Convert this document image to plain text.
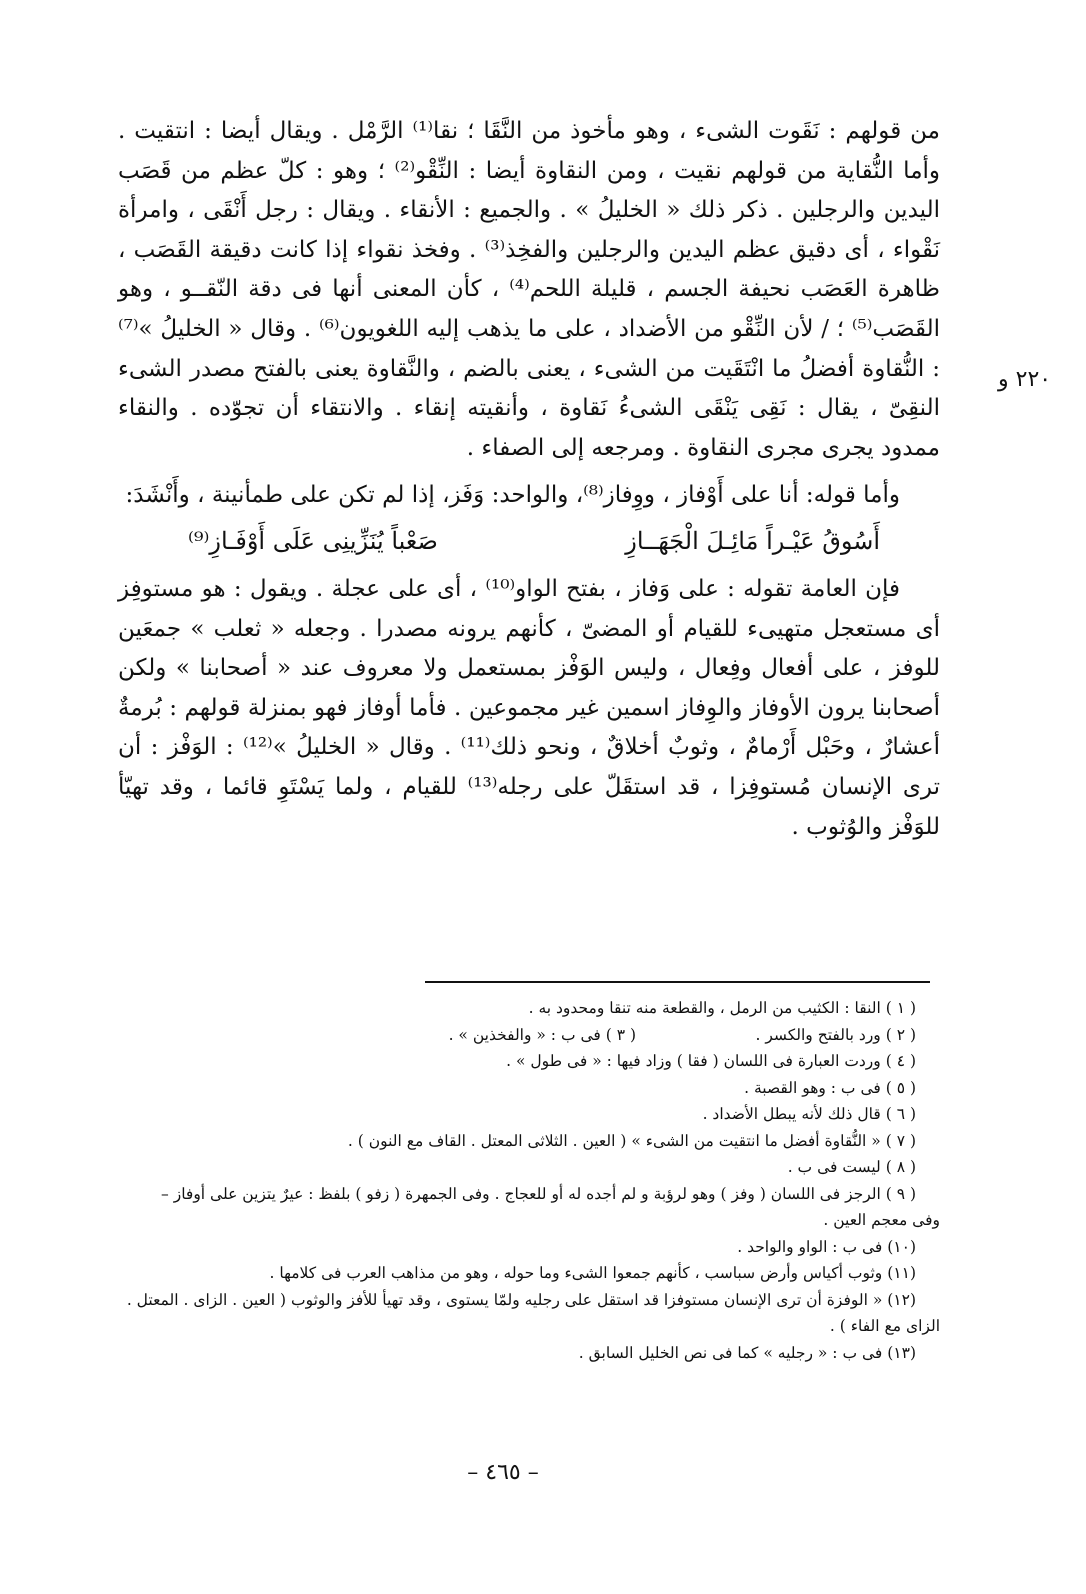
من قولهم : نَقَوت الشىء ، وهو مأخوذ من النَّقَا ؛ نقا⁽¹⁾ الرَّمْل . ويقال أيضا : انتقيت . وأما النُّقاية من قولهم نقيت ، ومن النقاوة أيضا : النِّقْو⁽²⁾ ؛ وهو : كلّ عظم من قَصَب اليدين والرجلين . ذكر ذلك « الخليلُ » . والجميع : الأنقاء . ويقال : رجل أَنْقَى ، وامرأة نَقْواء ، أى دقيق عظم اليدين والرجلين والفخِذ⁽³⁾ . وفخذ نقواء إذا كانت دقيقة القَصَب ، ظاهرة العَصَب نحيفة الجسم ، قليلة اللحم⁽⁴⁾ ، كأن المعنى أنها فى دقة النّقــو ، وهو القَصَب⁽⁵⁾ ؛ / لأن النِّقْو من الأضداد ، على ما يذهب إليه اللغويون⁽⁶⁾ . وقال « الخليلُ »⁽⁷⁾ : النُّقاوة أفضلُ ما انْتَقَيت من الشىء ، يعنى بالضم ، والنَّقاوة يعنى بالفتح مصدر الشىء النقِىّ ، يقال : نَقِى يَنْقَى الشىءُ نَقاوة ، وأنقيته إنقاء . والانتقاء أن تجوّده . والنقاء ممدود يجرى مجرى النقاوة . ومرجعه إلى الصفاء .

وأما قوله: أنا على أَوْفاز ، ووِفاز⁽⁸⁾، والواحد: وَفَز، إذا لم تكن على طمأنينة ، وأَنْشَدَ:

أَسُوقُ عَيْـراً مَائِـلَ الْجَهَــازِ
صَعْباً يُنَزِّينِى عَلَى أَوْفَـازِ⁽⁹⁾

فإن العامة تقوله : على وَفاز ، بفتح الواو⁽¹⁰⁾ ، أى على عجلة . ويقول : هو مستوفِز أى مستعجل متهيىء للقيام أو المضىّ ، كأنهم يرونه مصدرا . وجعله « ثعلب » جمعَين للوفز ، على أفعال وفِعال ، وليس الوَفْز بمستعمل ولا معروف عند « أصحابنا » ولكن أصحابنا يرون الأوفاز والوِفاز اسمين غير مجموعين . فأما أوفاز فهو بمنزلة قولهم : بُرمةٌ أعشارٌ ، وحَبْل أَرْمامٌ ، وثوبٌ أخلاقٌ ، ونحو ذلك⁽¹¹⁾ . وقال « الخليلُ »⁽¹²⁾ : الوَفْز : أن ترى الإنسان مُستوفِزا ، قد استقَلّ على رجله⁽¹³⁾ للقيام ، ولما يَسْتَوِ قائما ، وقد تهيّأ للوَفْز والوُثوب .

٢٢٠ و

( ١ ) النقا : الكثيب من الرمل ، والقطعة منه تنقا ومحدود به .

( ٢ ) ورد بالفتح والكسر .
( ٣ ) فى ب : « والفخذين » .

( ٤ ) وردت العبارة فى اللسان ( فقا ) وزاد فيها : « فى طول » .

( ٥ ) فى ب : وهو القصبة .

( ٦ ) قال ذلك لأنه يبطل الأضداد .

( ٧ ) « النُّقاوة أفضل ما انتقيت من الشىء » ( العين . الثلاثى المعتل . القاف مع النون ) .

( ٨ ) ليست فى ب .

( ٩ ) الرجز فى اللسان ( وفز ) وهو لرؤبة و لم أجده له أو للعجاج . وفى الجمهرة ( زفو ) بلفظ : عيرٌ يتزين على أوفاز –

وفى معجم العين .

(١٠) فى ب : الواو والواحد .

(١١) وثوب أكياس وأرض سباسب ، كأنهم جمعوا الشىء وما حوله ، وهو من مذاهب العرب فى كلامها .

(١٢) « الوفزة أن ترى الإنسان مستوفزا قد استقل على رجليه ولمّا يستوى ، وقد تهيأ للأفز والوثوب ( العين . الزاى . المعتل .

الزاى مع الفاء ) .

(١٣) فى ب : « رجليه » كما فى نص الخليل السابق .

– ٤٦٥ –
